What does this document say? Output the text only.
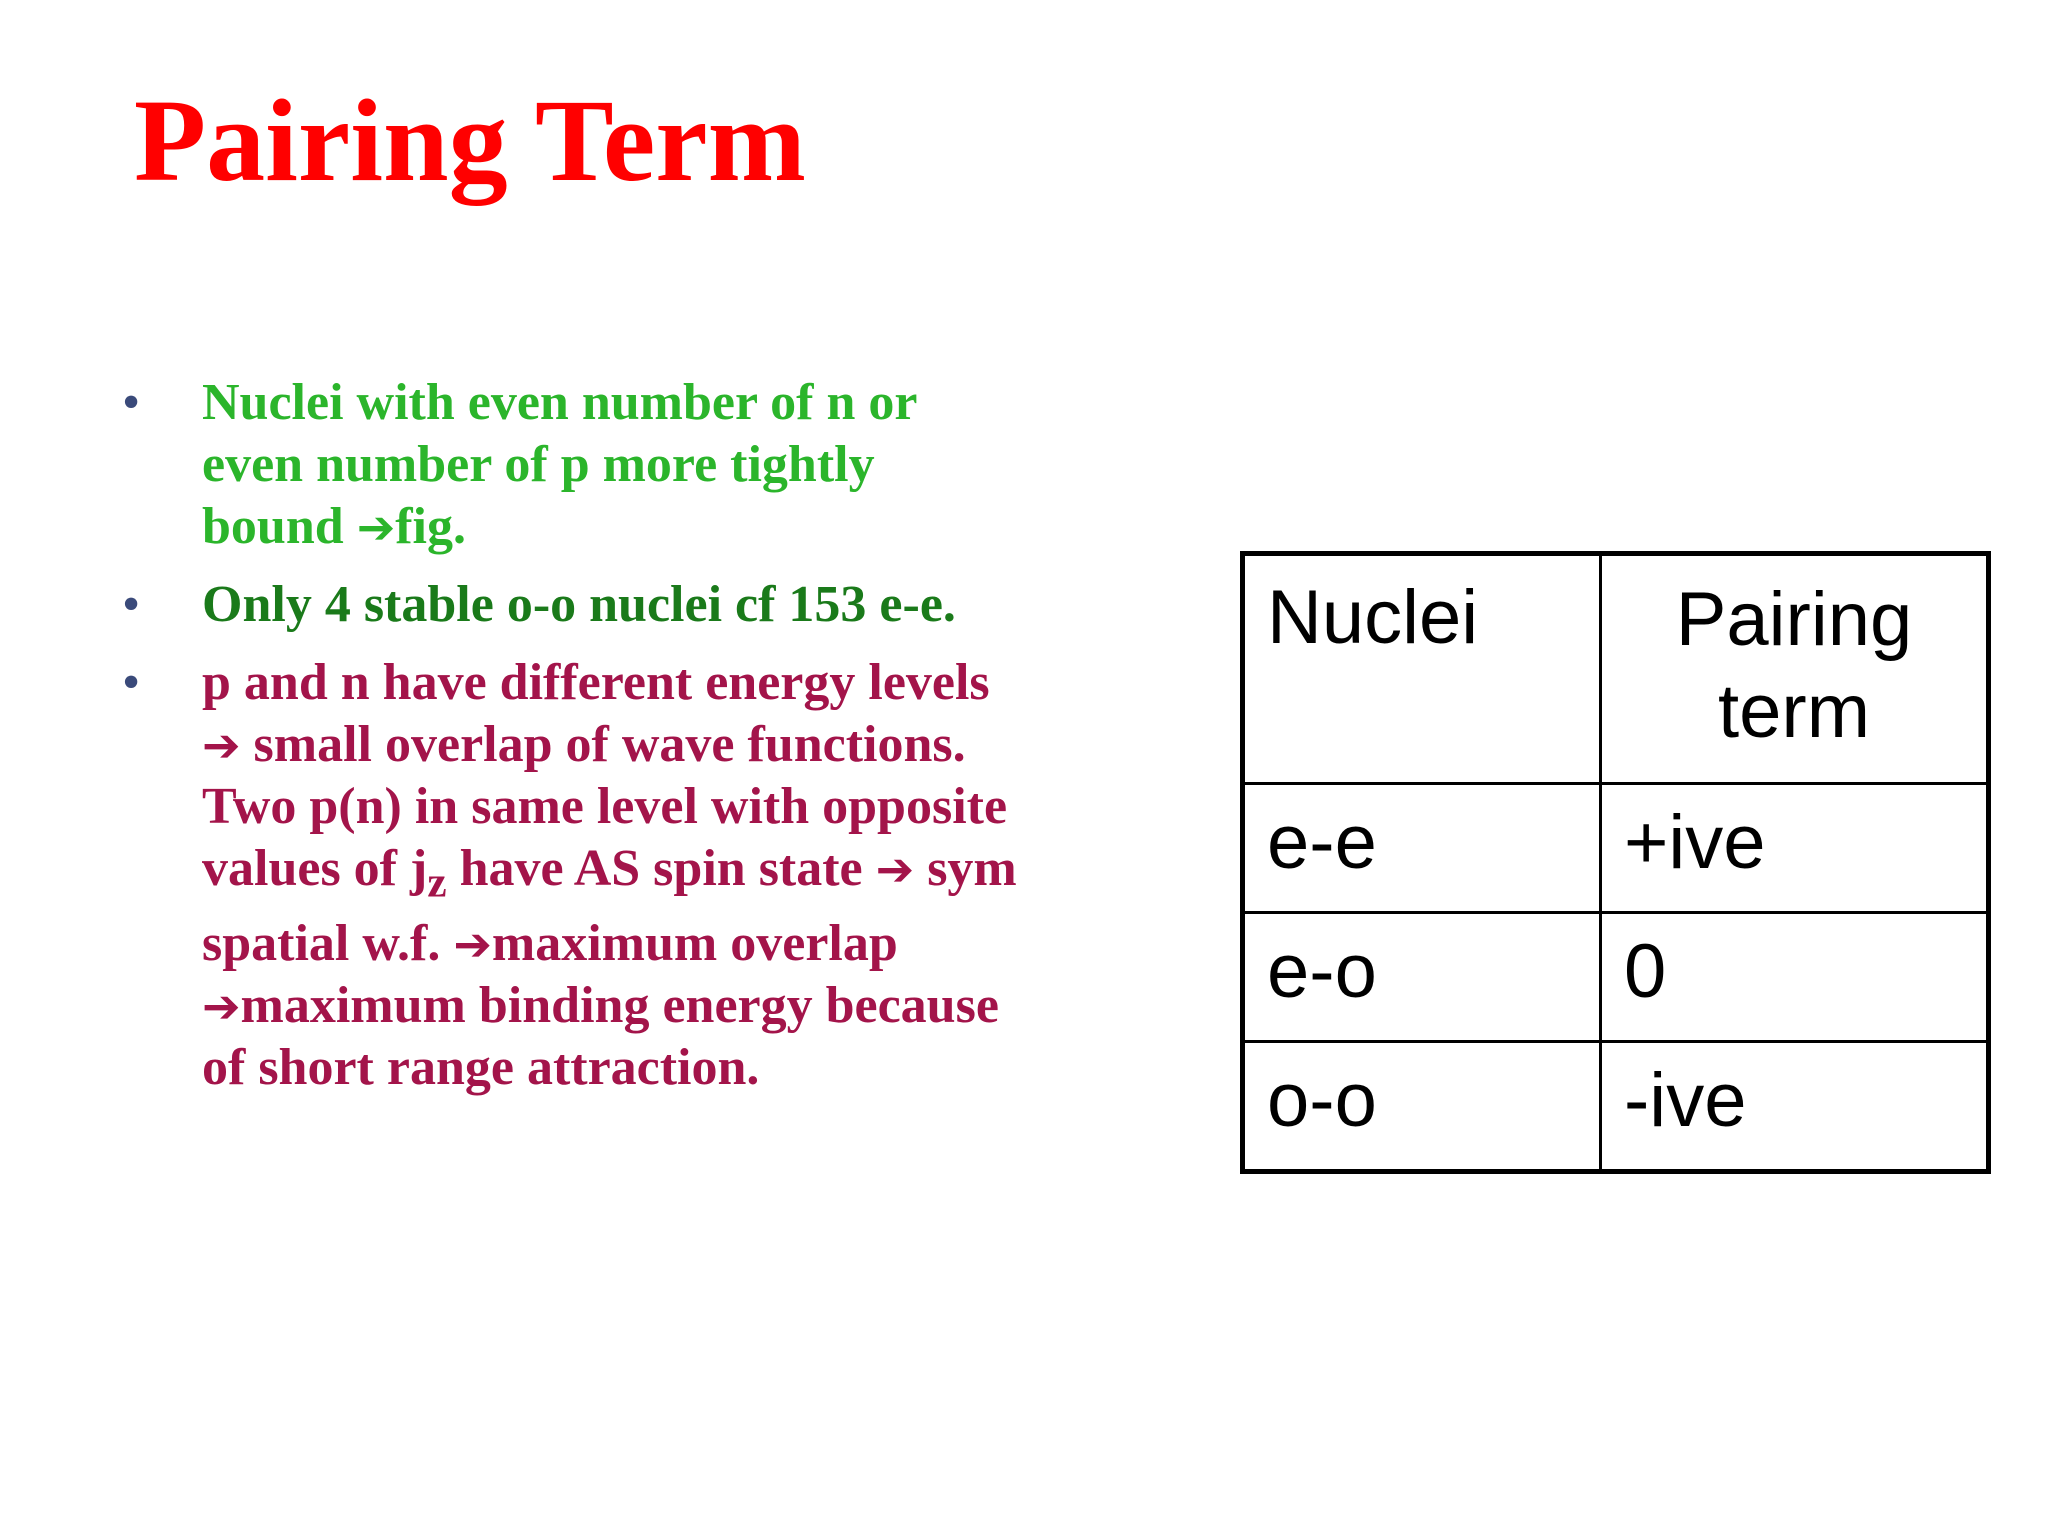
Pairing Term
• Nuclei with even number of n or even number of p more tightly bound ➔fig.
• Only 4 stable o-o nuclei cf 153 e-e.
• p and n have different energy levels ➔ small overlap of wave functions. Two p(n) in same level with opposite values of $j_z$ have AS spin state ➔ sym spatial w.f. ➔maximum overlap ➔maximum binding energy because of short range attraction.
Nuclei	Pairing term
e-e	+ive
e-o	0
o-o	-ive
